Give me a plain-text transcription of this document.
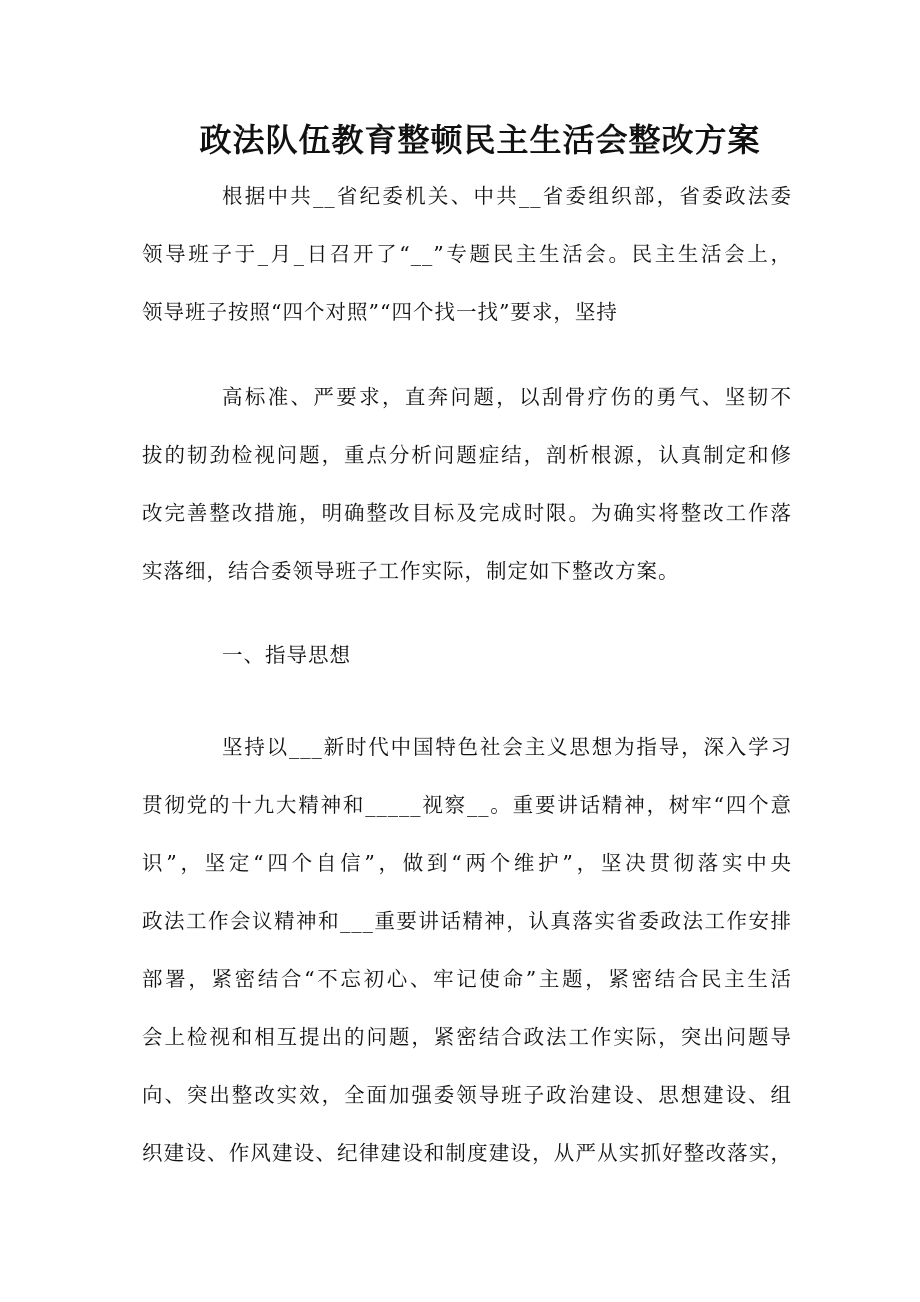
政法队伍教育整顿民主生活会整改方案
根据中共__省纪委机关、中共__省委组织部，省委政法委
领导班子于_月_日召开了“__”专题民主生活会。民主生活会上，
领导班子按照“四个对照”“四个找一找”要求，坚持
高标准、严要求，直奔问题，以刮骨疗伤的勇气、坚韧不
拔的韧劲检视问题，重点分析问题症结，剖析根源，认真制定和修
改完善整改措施，明确整改目标及完成时限。为确实将整改工作落
实落细，结合委领导班子工作实际，制定如下整改方案。
一、指导思想
坚持以___新时代中国特色社会主义思想为指导，深入学习
贯彻党的十九大精神和_____视察__。重要讲话精神，树牢“四个意
识”，坚定“四个自信”，做到“两个维护”，坚决贯彻落实中央
政法工作会议精神和___重要讲话精神，认真落实省委政法工作安排
部署，紧密结合“不忘初心、牢记使命”主题，紧密结合民主生活
会上检视和相互提出的问题，紧密结合政法工作实际，突出问题导
向、突出整改实效，全面加强委领导班子政治建设、思想建设、组
织建设、作风建设、纪律建设和制度建设，从严从实抓好整改落实，
